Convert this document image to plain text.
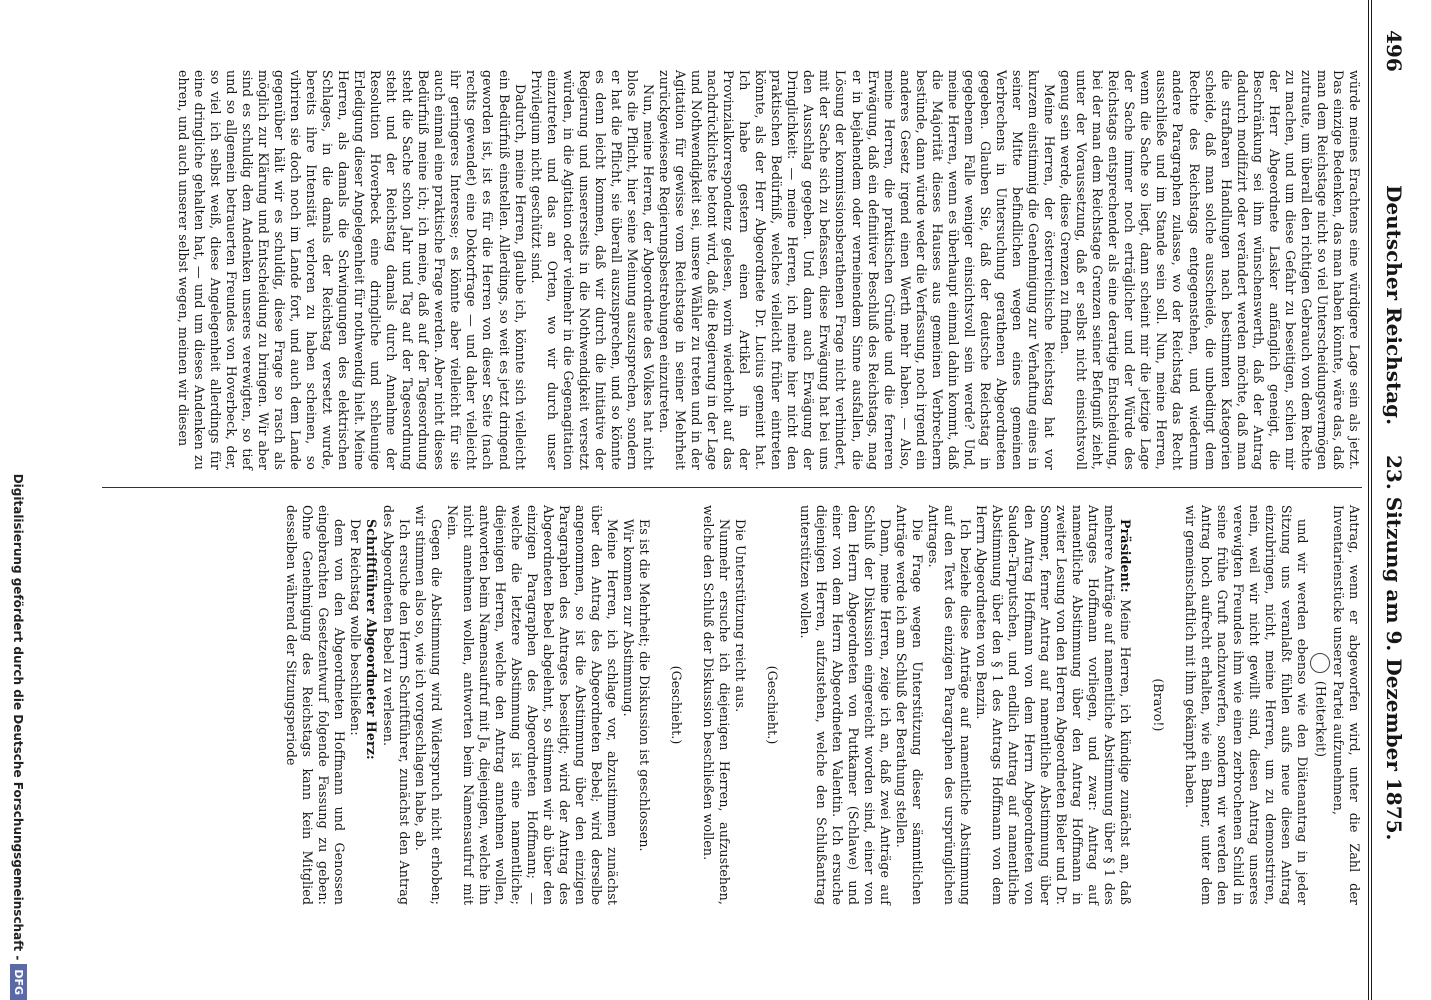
496
Deutscher Reichstag.
23. Sitzung am 9. Dezember 1875.

würde meines Erachtens eine würdigere Lage sein als jetzt. Das einzige Bedenken, das man haben könnte, wäre das, daß man dem Reichstage nicht so viel Unterscheidungsvermögen zutraute, um überall den richtigen Gebrauch von dem Rechte zu machen, und um diese Gefahr zu beseitigen, schien mir der Herr Abgeordnete Lasker anfänglich geneigt, die Beschränkung sei ihm wünschenswerth, daß der Antrag dadurch modifizirt oder verändert werden möchte, daß man die strafbaren Handlungen nach bestimmten Kategorien scheide, daß man solche ausscheide, die unbedingt dem Rechte des Reichstags entgegenstehen, und wiederum andere Paragraphen zulasse, wo der Reichstag das Recht ausschließe und im Stande sein soll. Nun, meine Herren, wenn die Sache so liegt, dann scheint mir die jetzige Lage der Sache immer noch erträglicher und der Würde des Reichstags entsprechender als eine derartige Entscheidung, bei der man dem Reichstage Grenzen seiner Befugniß zieht, unter der Voraussetzung, daß er selbst nicht einsichtsvoll genug sein werde, diese Grenzen zu finden.

Meine Herren, der österreichische Reichstag hat vor kurzem einstimmig die Genehmigung zur Verhaftung eines in seiner Mitte befindlichen wegen eines gemeinen Verbrechens in Untersuchung gerathenen Abgeordneten gegeben. Glauben Sie, daß der deutsche Reichstag in gegebenem Falle weniger einsichtsvoll sein werde? Und, meine Herren, wenn es überhaupt einmal dahin kommt, daß die Majorität dieses Hauses aus gemeinen Verbrechern bestünde, dann würde weder die Verfassung, noch irgend ein anderes Gesetz irgend einen Werth mehr haben. — Also, meine Herren, die praktischen Gründe und die ferneren Erwägung, daß ein definitiver Beschluß des Reichstags, mag er in bejahendem oder verneinendem Sinne ausfallen, die Lösung der kommissionsberathenen Frage nicht verhindert, mit der Sache sich zu befassen, diese Erwägung hat bei uns den Ausschlag gegeben. Und dann auch Erwägung der Dringlichkeit: — meine Herren, ich meine hier nicht den praktischen Bedürfniß, welches vielleicht früher eintreten könnte, als der Herr Abgeordnete Dr. Lucius gemeint hat. Ich habe gestern einen Artikel in der Provinzialkorrespondenz gelesen, worin wiederholt auf das nachdrücklichste betont wird, daß die Regierung in der Lage und Nothwendigkeit sei, unsere Wähler zu treten und in der Agitation für gewisse vom Reichstage in seiner Mehrheit zurückgewiesene Regierungsbestrebungen einzutreten.

Nun, meine Herren, der Abgeordnete des Volkes hat nicht blos die Pflicht, hier seine Meinung auszusprechen, sondern er hat die Pflicht, sie überall auszusprechen, und so könnte es denn leicht kommen, daß wir durch die Initiative der Regierung und unsererseits in die Nothwendigkeit versetzt würden, in die Agitation oder vielmehr in die Gegenagitation einzutreten und das an Orten, wo wir durch unser Privilegium nicht geschützt sind.

Dadurch, meine Herren, glaube ich, könnte sich vielleicht ein Bedürfniß einstellen. Allerdings, so weit es jetzt dringend geworden ist, ist es für die Herren von dieser Seite (nach rechts gewendet) eine Doktorfrage — und daher vielleicht ihr geringeres Interesse; es könnte aber vielleicht für sie auch einmal eine praktische Frage werden. Aber nicht dieses Bedürfniß meine ich; ich meine, daß auf der Tagesordnung steht die Sache schon Jahr und Tag auf der Tagesordnung steht und der Reichstag damals durch Annahme der Resolution Hoverbeck eine dringliche und schleunige Erledigung dieser Angelegenheit für nothwendig hielt. Meine Herren, als damals die Schwingungen des elektrischen Schlages, in die damals der Reichstag versetzt wurde, bereits ihre Intensität verloren zu haben scheinen, so vibriren sie doch noch im Lande fort, und auch dem Lande gegenüber hält wir es schuldig, diese Frage so rasch als möglich zur Klärung und Entscheidung zu bringen. Wir aber sind es schuldig dem Andenken unseres verewigten, so tief und so allgemein betrauerten Freundes von Hoverbeck, der, so viel ich selbst weiß, diese Angelegenheit allerdings für eine dringliche gehalten hat, — und um dieses Andenken zu ehren, und auch unserer selbst wegen, meinen wir diesen

Antrag, wenn er abgeworfen wird, unter die Zahl der Inventarienstücke unserer Partei aufzunehmen,

(Heiterkeit)

und wir werden ebenso wie den Diätenantrag in jeder Sitzung uns veranlaßt fühlen aufs neue diesen Antrag einzubringen, nicht, meine Herren, um zu demonstriren, nein, weil wir nicht gewillt sind, diesen Antrag unseres verewigten Freundes ihm wie einen zerbrochenen Schild in seine frühe Gruft nachzuwerfen, sondern wir werden den Antrag hoch aufrecht erhalten, wie ein Banner, unter dem wir gemeinschaftlich mit ihm gekämpft haben.

(Bravo!)

Präsident: Meine Herren, ich kündige zunächst an, daß mehrere Anträge auf namentliche Abstimmung über § 1 des Antrages Hoffmann vorliegen, und zwar: Antrag auf namentliche Abstimmung über den Antrag Hoffmann in zweiter Lesung von den Herren Abgeordneten Bieler und Dr. Sommer, ferner Antrag auf namentliche Abstimmung über den Antrag Hoffmann von dem Herrn Abgeordneten von Sauden-Tarputschen, und endlich Antrag auf namentliche Abstimmung über den § 1 des Antrags Hoffmann von dem Herrn Abgeordneten von Benzin.

Ich beziehe diese Anträge auf namentliche Abstimmung auf den Text des einzigen Paragraphen des ursprünglichen Antrages.

Die Frage wegen Unterstützung dieser sämmtlichen Anträge werde ich am Schluß der Berathung stellen.

Dann, meine Herren, zeige ich an, daß zwei Anträge auf Schluß der Diskussion eingereicht worden sind, einer von dem Herrn Abgeordneten von Puttkamer (Schlawe) und einer von dem Herrn Abgeordneten Valentin. Ich ersuche diejenigen Herren, aufzustehen, welche den Schlußantrag unterstützen wollen.

(Geschieht.)

Die Unterstützung reicht aus.

Nunmehr ersuche ich diejenigen Herren, aufzustehen, welche den Schluß der Diskussion beschließen wollen.

(Geschieht.)

Es ist die Mehrheit; die Diskussion ist geschlossen.

Wir kommen zur Abstimmung.

Meine Herren, ich schlage vor, abzustimmen zunächst über den Antrag des Abgeordneten Bebel; wird derselbe angenommen, so ist die Abstimmung über den einzigen Paragraphen des Antrages beseitigt; wird der Antrag des Abgeordneten Bebel abgelehnt, so stimmen wir ab über den einzigen Paragraphen des Abgeordneten Hoffmann; — welche die letztere Abstimmung ist eine namentliche; diejenigen Herren, welche den Antrag annehmen wollen, antworten beim Namensaufruf mit Ja, diejenigen, welche ihn nicht annehmen wollen, antworten beim Namensaufruf mit Nein.

Gegen die Abstimmung wird Widerspruch nicht erhoben; wir stimmen also so, wie ich vorgeschlagen habe, ab.

Ich ersuche den Herrn Schriftführer, zunächst den Antrag des Abgeordneten Bebel zu verlesen.

Schriftführer Abgeordneter Herz:

Der Reichstag wolle beschließen:

dem von den Abgeordneten Hoffmann und Genossen eingebrachten Gesetzentwurf folgende Fassung zu geben: Ohne Genehmigung des Reichstags kann kein Mitglied desselben während der Sitzungsperiode

Digitalisierung gefördert durch die Deutsche Forschungsgemeinschaft -
DFG
